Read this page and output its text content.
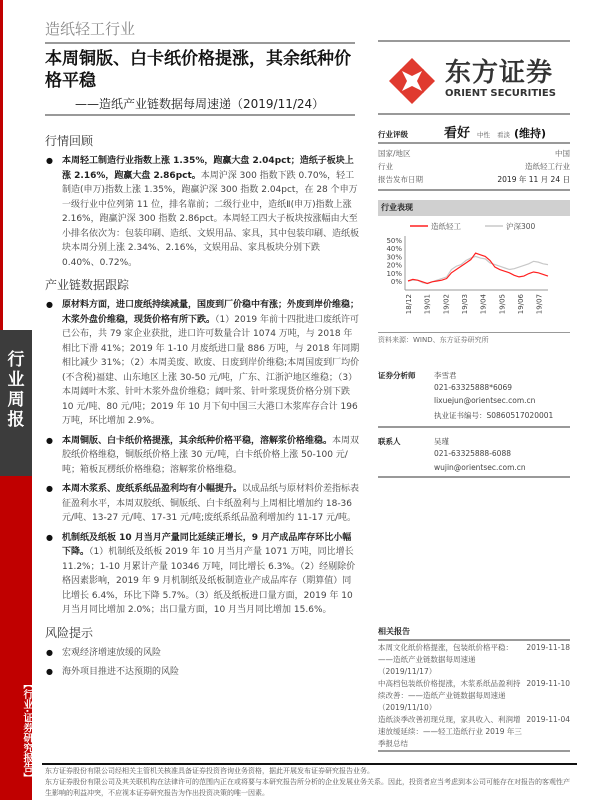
行业周报
【行业·证券研究报告】
造纸轻工行业
本周铜版、白卡纸价格提涨，其余纸种价格平稳
——造纸产业链数据每周速递（2019/11/24）
东方证券
ORIENT SECURITIES
行情回顾
● 本周轻工制造行业指数上涨 1.35%，跑赢大盘 2.04pct；造纸子板块上涨 2.16%，跑赢大盘 2.86pct。本周沪深 300 指数下跌 0.70%，轻工制造(申万)指数上涨 1.35%，跑赢沪深 300 指数 2.04pct，在 28 个申万一级行业中位列第 11 位，排名靠前；二级行业中，造纸Ⅱ(申万)指数上涨 2.16%，跑赢沪深 300 指数 2.86pct。本周轻工四大子板块按涨幅由大至小排名依次为：包装印刷、造纸、文娱用品、家具，其中包装印刷、造纸板块本周分别上涨 2.34%、2.16%，文娱用品、家具板块分别下跌 0.40%、0.72%。
产业链数据跟踪
● 原材料方面，进口废纸持续减量，国废到厂价稳中有涨；外废到岸价维稳；木浆外盘价维稳，现货价格有所下跌。（1）2019 年前十四批进口废纸许可已公布，共 79 家企业获批，进口许可数量合计 1074 万吨，与 2018 年相比下滑 41%；2019 年 1-10 月废纸进口量 886 万吨，与 2018 年同期相比减少 31%；（2）本周美废、欧废、日废到岸价维稳;本周国废到厂均价(不含税)福建、山东地区上涨 30-50 元/吨，广东、江浙沪地区维稳；（3）本周阔叶木浆、针叶木浆外盘价维稳；阔叶浆、针叶浆现货价格分别下跌 10 元/吨、80 元/吨；2019 年 10 月下旬中国三大港口木浆库存合计 196 万吨，环比增加 2.9%。
● 本周铜版、白卡纸价格提涨，其余纸种价格平稳，溶解浆价格维稳。本周双胶纸价格维稳，铜版纸价格上涨 30 元/吨，白卡纸价格上涨 50-100 元/吨；箱板瓦楞纸价格维稳；溶解浆价格维稳。
● 本周木浆系、废纸系纸品盈利均有小幅提升。以成品纸与原材料价差指标表征盈利水平，本周双胶纸、铜版纸、白卡纸盈利与上周相比增加约 18-36 元/吨、13-27 元/吨、17-31 元/吨;废纸系纸品盈利增加约 11-17 元/吨。
● 机制纸及纸板 10 月当月产量同比延续正增长，9 月产成品库存环比小幅下降。（1）机制纸及纸板 2019 年 10 月当月产量 1071 万吨，同比增长 11.2%；1-10 月累计产量 10346 万吨，同比增长 6.3%。（2）经剔除价格因素影响，2019 年 9 月机制纸及纸板制造业产成品库存（期算值）同比增长 6.4%，环比下降 5.7%。（3）纸及纸板进口量方面，2019 年 10 月当月同比增加 2.0%；出口量方面，10 月当月同比增加 15.6%。
风险提示
● 宏观经济增速放缓的风险
● 海外项目推进不达预期的风险
行业评级	看好 中性 看淡 (维持)
国家/地区	中国
行业	造纸轻工行业
报告发布日期	2019 年 11 月 24 日
行业表现
造纸轻工	沪深300
50%
40%
30%
20%
10%
0%
18/12 19/01 19/02 19/03 19/04 19/05 19/06 19/07
资料来源：WIND、东方证券研究所
证券分析师	李雪君
021-63325888*6069
lixuejun@orientsec.com.cn
执业证书编号：S0860517020001
联系人	吴瑾
021-63325888-6088
wujin@orientsec.com.cn
相关报告
本周文化纸价格提涨，包装纸价格平稳：——造纸产业链数据每周速递（2019/11/17）
2019-11-18
中高档包装纸价格提涨，木浆系纸品盈利持续改善：——造纸产业链数据每周速递（2019/11/10）
2019-11-10
造纸淡季改善初现兑现，家具收入、利润增速放缓延续：——轻工造纸行业 2019 年三季报总结
2019-11-04
东方证券股份有限公司经相关主管机关核准具备证券投资咨询业务资格，据此开展发布证券研究报告业务。
东方证券股份有限公司及其关联机构在法律许可的范围内正在或将要与本研究报告所分析的企业发展业务关系。因此，投资者应当考虑到本公司可能存在对报告的客观性产生影响的利益冲突，不应视本证券研究报告为作出投资决策的唯一因素。
